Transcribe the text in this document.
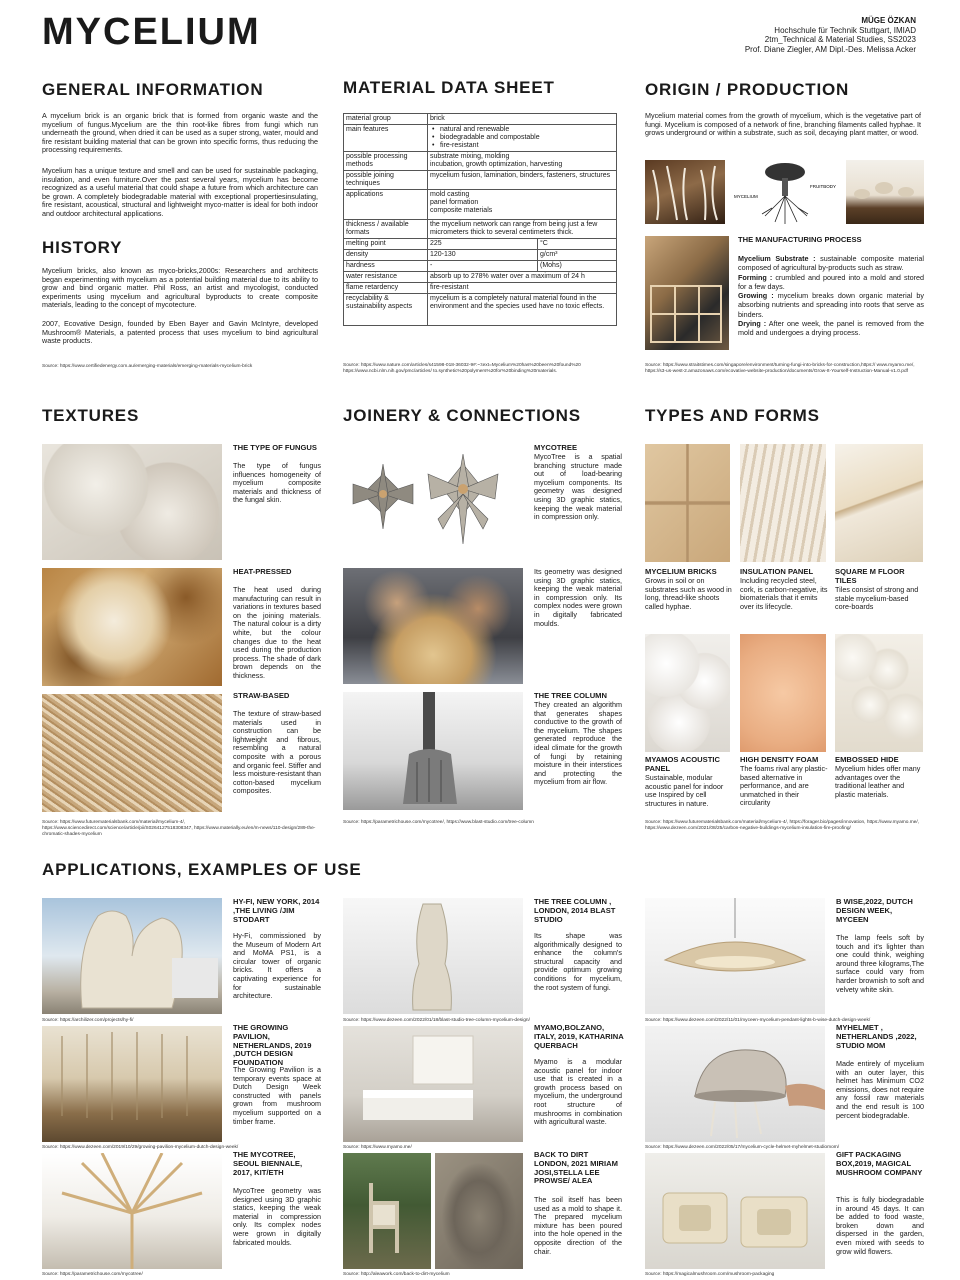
MYCELIUM	MÜGE ÖZKAN
Hochschule für Technik Stuttgart, IMIAD
2tm_Technical & Material Studies, SS2023
Prof. Diane Ziegler, AM Dipl.-Des. Melissa Acker
GENERAL INFORMATION
A mycelium brick is an organic brick that is formed from organic waste and the mycelium of fungus.Mycelium are the thin root-like fibres from fungi which run underneath the ground, when dried it can be used as a super strong, water, mould and fire resistant building material that can be grown into specific forms, thus reducing the processing requirements.
Mycelium has a unique texture and smell and can be used for sustainable packaging, insulation, and even furniture.Over the past several years, mycelium has become recognized as a useful material that could shape a future from which architecture can be grown. A completely biodegradable material with exceptional propertiesinsulating, fire resistant, acoustical, structural and lightweight myco-matter is ideal for both indoor and outdoor architectural applications.
HISTORY
Mycelium bricks, also known as myco-bricks,2000s: Researchers and architects began experimenting with mycelium as a potential building material due to its ability to grow and bind organic matter. Phil Ross, an artist and mycologist, conducted experiments using mycelium and agricultural byproducts to create composite materials, leading to the concept of mycotecture.
2007, Ecovative Design, founded by Eben Bayer and Gavin McIntyre, developed Mushroom® Materials, a patented process that uses mycelium to bind agricultural waste products.
Source: https://www.certifiedenergy.com.au/emerging-materials/emerging-materials-mycelium-brick
MATERIAL DATA SHEET
material group	brick	
main features	• natural and renewable
• biodegradable and compostable
• fire-resistant

possible processing methods	substrate mixing, molding
incubation, growth optimization, harvesting	
possible joining techniques	mycelium fusion, lamination, binders, fasteners, structures	
applications	mold casting
panel formation
composite materials	
thickness / available formats	the mycelium network can range from being just a few micrometers thick to several centimeters thick.	
melting point	225	°C
density	120-130	g/cm³
hardness	-	(Mohs)
water resistance	absorb up to 278% water over a maximum of 24 h	
flame retardency	fire-resistant	
recyclability & sustainability aspects	mycelium is a completely natural material found in the environment and the species used have no toxic effects.	
Source: https://www.nature.com/articles/s41598-018-36032-9#:~:text=Mycelium%20has%20been%20found%20 https://www.ncbi.nlm.nih.gov/pmc/articles/ to.synthetic%20polymers%20for%20binding%20materials.
ORIGIN / PRODUCTION
Mycelium material comes from the growth of mycelium, which is the vegetative part of fungi. Mycelium is composed of a network of fine, branching filaments called hyphae. It grows underground or within a substrate, such as soil, decaying plant matter, or wood.
MYCELIUM
FRUITBODY
THE MANUFACTURING PROCESS
Mycelium Substrate : sustainable composite material composed of agricultural by-products such as straw.
Forming : crumbled and poured into a mold and stored for a few days.
Growing : mycelium breaks down organic material by absorbing nutrients and spreading into roots that serve as binders.
Drying : After one week, the panel is removed from the mold and undergoes a drying process.
Source: https://www.straitstimes.com/singapore/environment/turning-fungi-into-bricks-for-construction,https:// www.myamo.me/, https://s3-us-west-2.amazonaws.com/ecovative-website-production/documents/Grow-It-Yourself-Instruction-Manual-v1.0.pdf
TEXTURES
THE TYPE OF FUNGUS
The type of fungus influences homogeneity of mycelium composite materials and thickness of the fungal skin.
HEAT-PRESSED
The heat used during manufacturing can result in variations in textures based on the joining materials. The natural colour is a dirty white, but the colour changes due to the heat used during the production process. The shade of dark brown depends on the thickness.
STRAW-BASED
The texture of straw-based materials used in construction can be lightweight and fibrous, resembling a natural composite with a porous and organic feel. Stiffer and less moisture-resistant than cotton-based mycelium composites.
Source: https://www.futurematerialsbank.com/material/mycelium-4/, https://www.sciencedirect.com/science/article/pii/S0264127518308347, https://www.materially.eu/en/m-news/110-design/289-the-chromatic-shades-mycelium
JOINERY & CONNECTIONS
MYCOTREE
MycoTree is a spatial branching structure made out of load-bearing mycelium components. Its geometry was designed using 3D graphic statics, keeping the weak material in compression only.
Its geometry was designed using 3D graphic statics, keeping the weak material in compression only. Its complex nodes were grown in digitally fabricated moulds.
THE TREE COLUMN
They created an algorithm that generates shapes conductive to the growth of the mycelium. The shapes generated reproduce the ideal climate for the growth of fungi by retaining moisture in their interstices and protecting the mycelium from air flow.
Source: https://parametrichouse.com/mycotree/, https://www.blast-studio.com/tree-column
TYPES AND FORMS
MYCELIUM BRICKS
Grows in soil or on substrates such as wood in long, thread-like shoots called hyphae.
INSULATION PANEL
Including recycled steel, cork, is carbon-negative, its biomaterials that it emits over its lifecycle.
SQUARE M FLOOR TILES
Tiles consist of strong and stable mycelium-based core-boards
MYAMOS ACOUSTIC PANEL
Sustainable, modular acoustic panel for indoor use Inspired by cell structures in nature.
HIGH DENSITY FOAM
The foams rival any plastic-based alternative in performance, and are unmatched in their circularity
EMBOSSED HIDE
Mycelium hides offer many advantages over the traditional leather and plastic materials.
Source: https://www.futurematerialsbank.com/material/mycelium-4/, https://forager.bio/pages/innovation, https://www.myamo.me/, https://www.dezeen.com/2021/08/25/carbon-negative-buildings-mycelium-insulation-fire-proofing/
APPLICATIONS, EXAMPLES OF USE
HY-FI, NEW YORK, 2014 ,THE LIVING /JIM STODART
Hy-Fi, commissioned by the Museum of Modern Art and MoMA PS1, is a circular tower of organic bricks. It offers a captivating experience for for sustainable architecture.
Source: https://archilizer.com/projects/hy-fi/
THE GROWING PAVILION, NETHERLANDS, 2019 ,DUTCH DESIGN FOUNDATION
The Growing Pavilion is a temporary events space at Dutch Design Week constructed with panels grown from mushroom mycelium supported on a timber frame.
Source: https://www.dezeen.com/2019/10/29/growing-pavilion-mycelium-dutch-design-week/
THE MYCOTREE, SEOUL BIENNALE, 2017, KIT/ETH
MycoTree geometry was designed using 3D graphic statics, keeping the weak material in compression only. Its complex nodes were grown in digitally fabricated moulds.
Source: https://parametrichouse.com/mycotree/
THE TREE COLUMN , LONDON, 2014 BLAST STUDIO
Its shape was algorithmically designed to enhance the column's structural capacity and provide optimum growing conditions for mycelium, the root system of fungi.
Source: https://www.dezeen.com/2022/01/18/blast-studio-tree-column-mycelium-design/
MYAMO,BOLZANO, ITALY, 2019, KATHARINA QUERBACH
Myamo is a modular acoustic panel for indoor use that is created in a growth process based on mycelium, the underground root structure of mushrooms in combination with agricultural waste.
Source: https://www.myamo.me/
BACK TO DIRT LONDON, 2021 MIRIAM JOSI,STELLA LEE PROWSE/ ALEA
The soil itself has been used as a mold to shape it. The prepared mycelium mixture has been poured into the hole opened in the opposite direction of the chair.
Source: http://aleawork.com/back-to-dirt-mycelium
B WISE,2022, DUTCH DESIGN WEEK, MYCEEN
The lamp feels soft by touch and it's lighter than one could think, weighing around three kilograms,The surface could vary from harder brownish to soft and velvety white skin.
Source: https://www.dezeen.com/2022/11/01/myceen-mycelium-pendant-lights-b-wise-dutch-design-week/
MYHELMET , NETHERLANDS ,2022, STUDIO MOM
Made entirely of mycelium with an outer layer, this helmet has Minimum CO2 emissions, does not require any fossil raw materials and the end result is 100 percent biodegradable.
Source: https://www.dezeen.com/2022/05/17/mycelium-cycle-helmet-myhelmet-studiomom/
GIFT PACKAGING BOX,2019, MAGICAL MUSHROOM COMPANY
This is fully biodegradable in around 45 days. It can be added to food waste, broken down and dispersed in the garden, even mixed with seeds to grow wild flowers.
Source: https://magicalmushroom.com/mushroom-packaging
